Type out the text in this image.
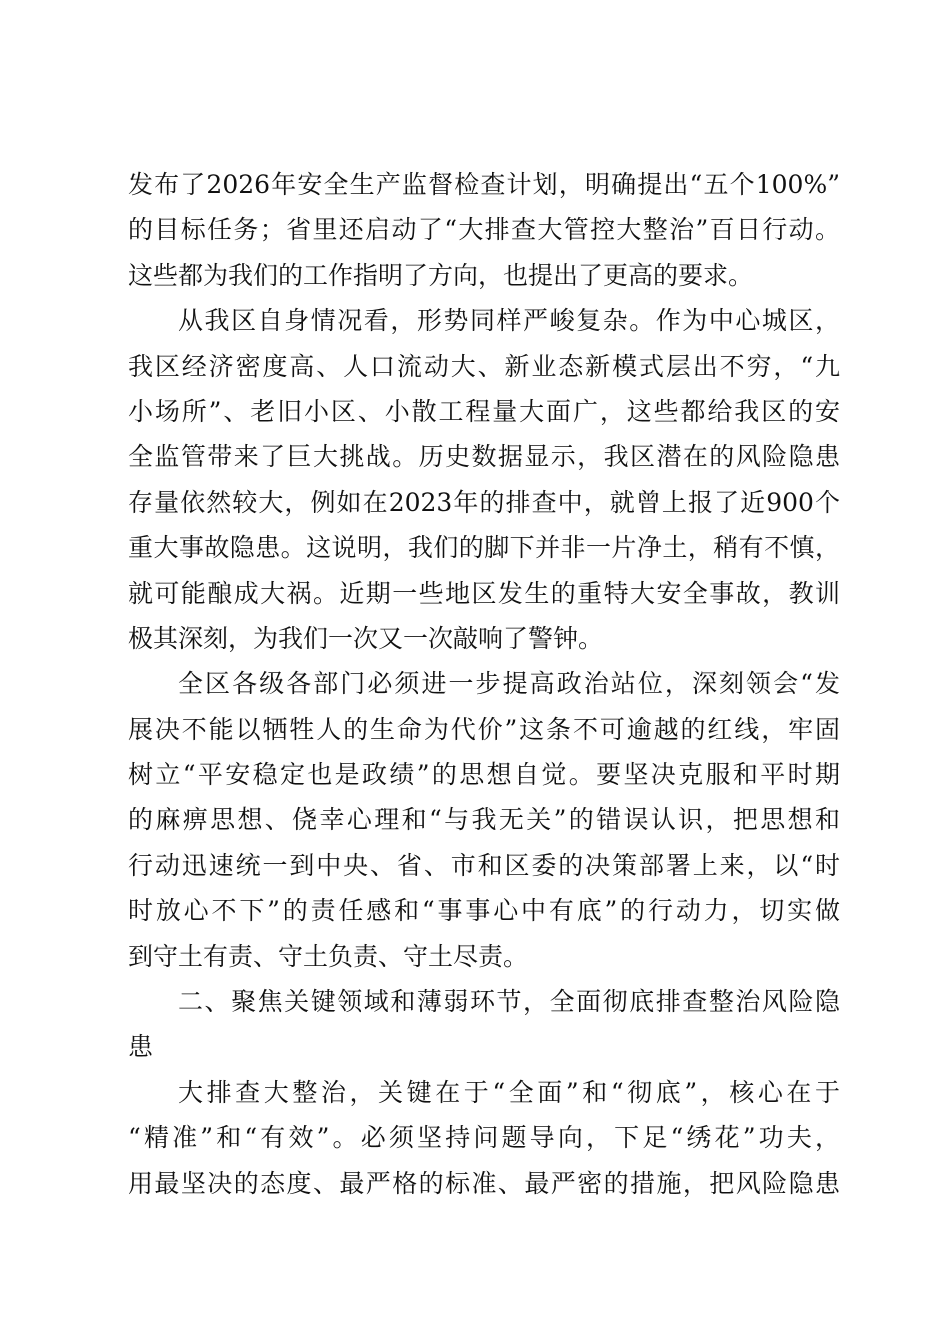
发布了2026年安全生产监督检查计划，明确提出“五个100%”
的目标任务；省里还启动了“大排查大管控大整治”百日行动。
这些都为我们的工作指明了方向，也提出了更高的要求。
从我区自身情况看，形势同样严峻复杂。作为中心城区，
我区经济密度高、人口流动大、新业态新模式层出不穷，“九
小场所”、老旧小区、小散工程量大面广，这些都给我区的安
全监管带来了巨大挑战。历史数据显示，我区潜在的风险隐患
存量依然较大，例如在2023年的排查中，就曾上报了近900个
重大事故隐患。这说明，我们的脚下并非一片净土，稍有不慎，
就可能酿成大祸。近期一些地区发生的重特大安全事故，教训
极其深刻，为我们一次又一次敲响了警钟。
全区各级各部门必须进一步提高政治站位，深刻领会“发
展决不能以牺牲人的生命为代价”这条不可逾越的红线，牢固
树立“平安稳定也是政绩”的思想自觉。要坚决克服和平时期
的麻痹思想、侥幸心理和“与我无关”的错误认识，把思想和
行动迅速统一到中央、省、市和区委的决策部署上来，以“时
时放心不下”的责任感和“事事心中有底”的行动力，切实做
到守土有责、守土负责、守土尽责。
二、聚焦关键领域和薄弱环节，全面彻底排查整治风险隐
患
大排查大整治，关键在于“全面”和“彻底”，核心在于
“精准”和“有效”。必须坚持问题导向，下足“绣花”功夫，
用最坚决的态度、最严格的标准、最严密的措施，把风险隐患
